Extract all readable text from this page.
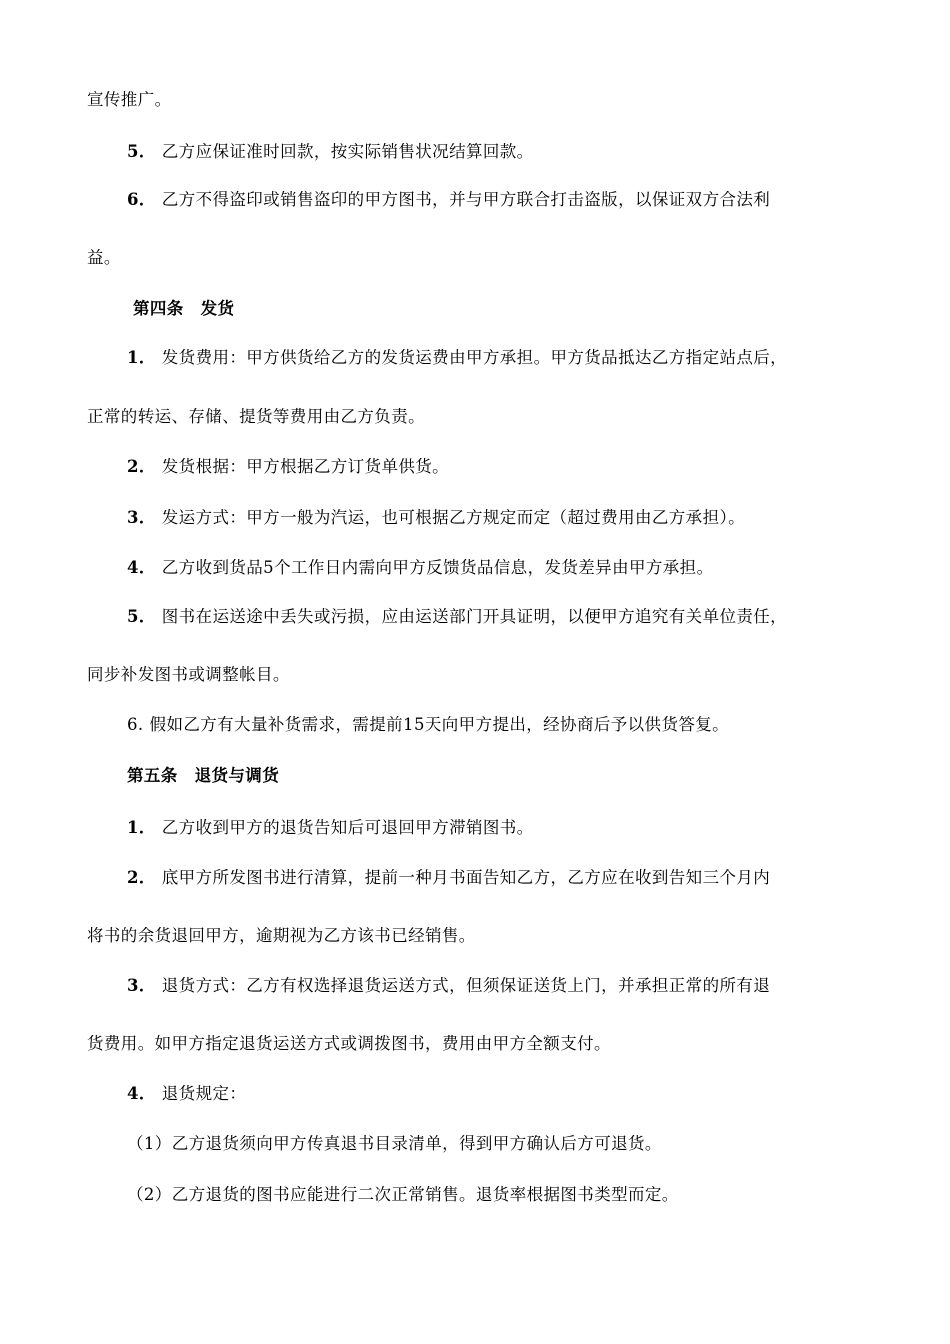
宣传推广。
5． 乙方应保证准时回款，按实际销售状况结算回款。
6． 乙方不得盗印或销售盗印的甲方图书，并与甲方联合打击盗版，以保证双方合法利
益。
第四条　发货
1． 发货费用：甲方供货给乙方的发货运费由甲方承担。甲方货品抵达乙方指定站点后，
正常的转运、存储、提货等费用由乙方负责。
2． 发货根据：甲方根据乙方订货单供货。
3． 发运方式：甲方一般为汽运，也可根据乙方规定而定（超过费用由乙方承担）。
4． 乙方收到货品5个工作日内需向甲方反馈货品信息，发货差异由甲方承担。
5． 图书在运送途中丢失或污损，应由运送部门开具证明，以便甲方追究有关单位责任，
同步补发图书或调整帐目。
6. 假如乙方有大量补货需求，需提前15天向甲方提出，经协商后予以供货答复。
第五条　退货与调货
1． 乙方收到甲方的退货告知后可退回甲方滞销图书。
2． 底甲方所发图书进行清算，提前一种月书面告知乙方，乙方应在收到告知三个月内
将书的余货退回甲方，逾期视为乙方该书已经销售。
3． 退货方式：乙方有权选择退货运送方式，但须保证送货上门，并承担正常的所有退
货费用。如甲方指定退货运送方式或调拨图书，费用由甲方全额支付。
4． 退货规定：
（1）乙方退货须向甲方传真退书目录清单，得到甲方确认后方可退货。
（2）乙方退货的图书应能进行二次正常销售。退货率根据图书类型而定。
